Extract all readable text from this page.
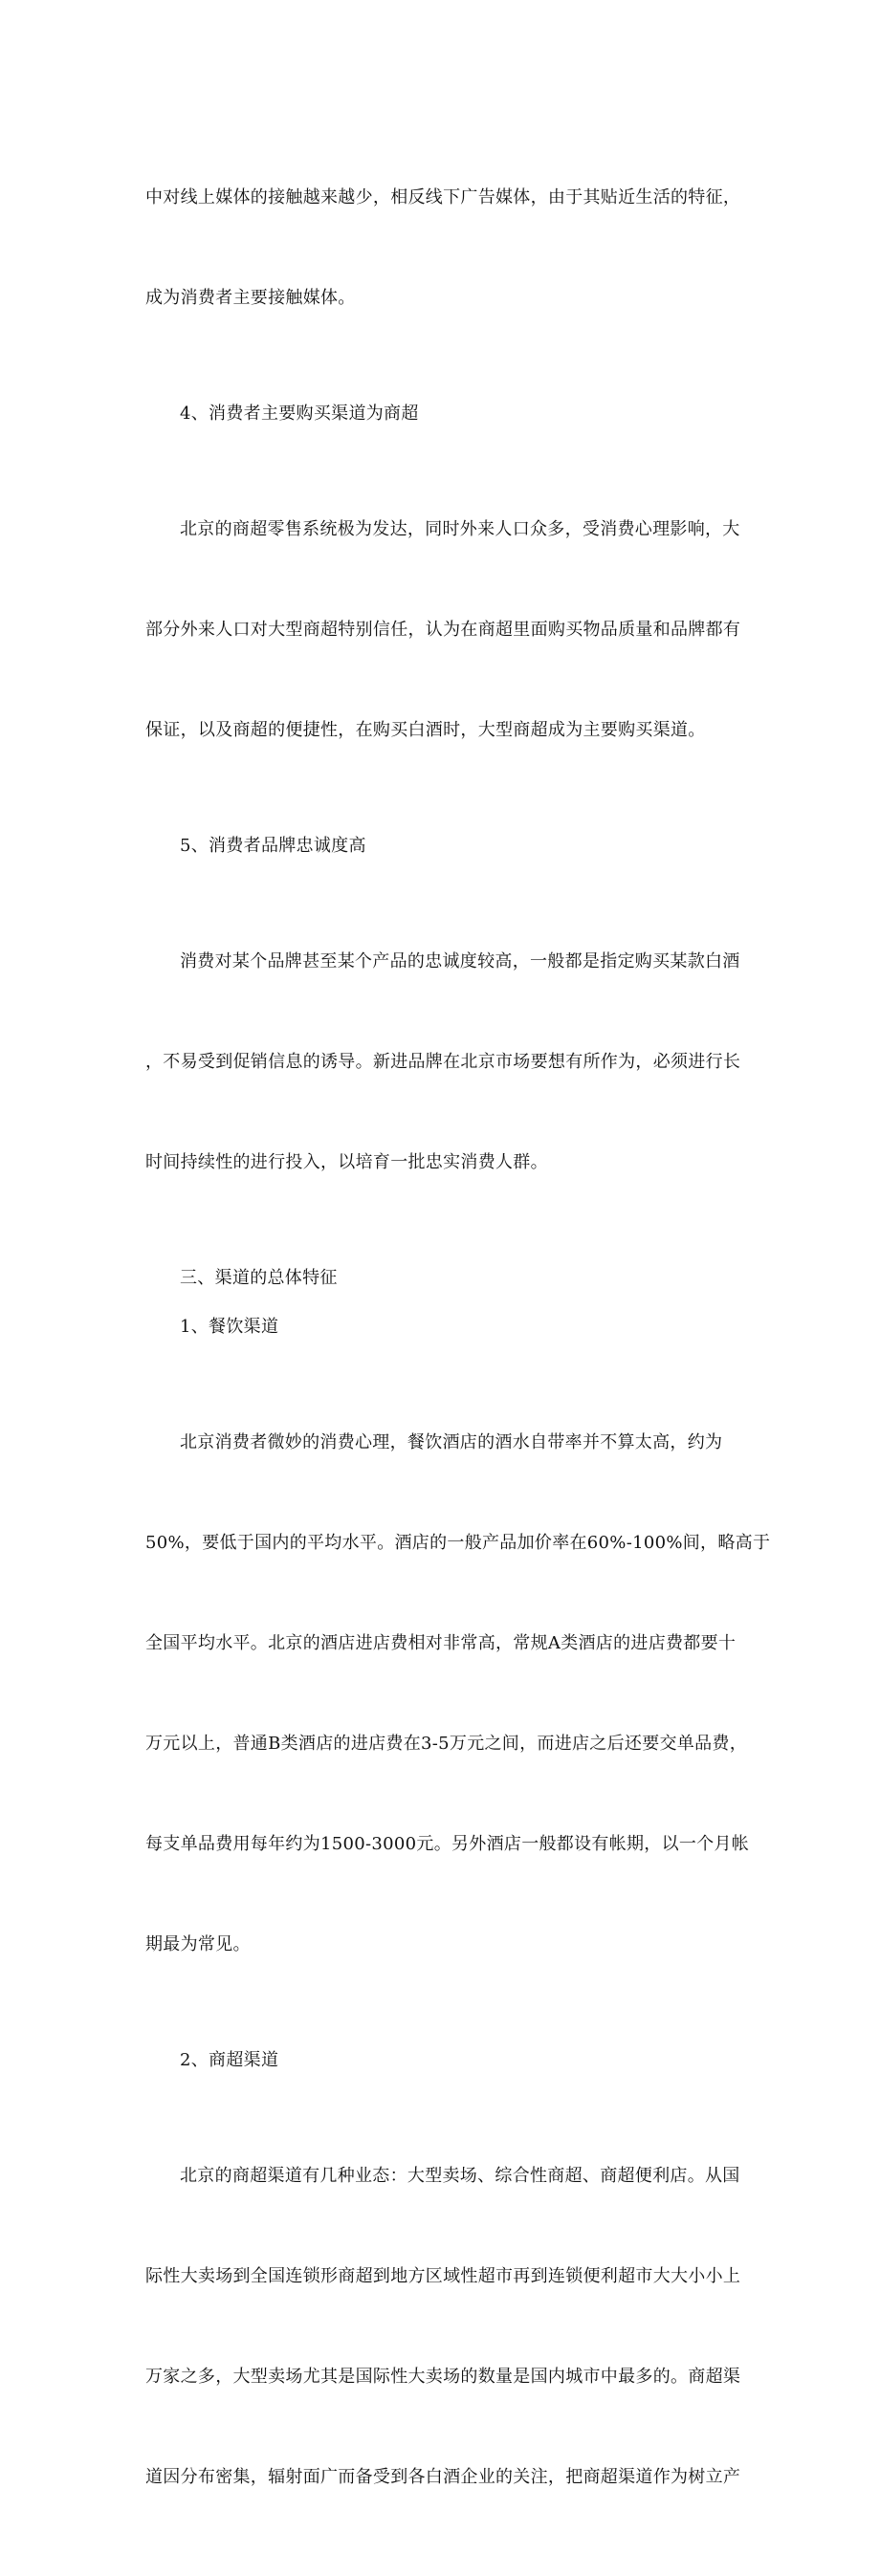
中对线上媒体的接触越来越少，相反线下广告媒体，由于其贴近生活的特征，

成为消费者主要接触媒体。

4、消费者主要购买渠道为商超

北京的商超零售系统极为发达，同时外来人口众多，受消费心理影响，大

部分外来人口对大型商超特别信任，认为在商超里面购买物品质量和品牌都有

保证，以及商超的便捷性，在购买白酒时，大型商超成为主要购买渠道。

5、消费者品牌忠诚度高

消费对某个品牌甚至某个产品的忠诚度较高，一般都是指定购买某款白酒

，不易受到促销信息的诱导。新进品牌在北京市场要想有所作为，必须进行长

时间持续性的进行投入，以培育一批忠实消费人群。

三、渠道的总体特征

1、餐饮渠道

北京消费者微妙的消费心理，餐饮酒店的酒水自带率并不算太高，约为

50%，要低于国内的平均水平。酒店的一般产品加价率在60%-100%间，略高于

全国平均水平。北京的酒店进店费相对非常高，常规A类酒店的进店费都要十

万元以上，普通B类酒店的进店费在3-5万元之间，而进店之后还要交单品费，

每支单品费用每年约为1500-3000元。另外酒店一般都设有帐期，以一个月帐

期最为常见。

2、商超渠道

北京的商超渠道有几种业态：大型卖场、综合性商超、商超便利店。从国

际性大卖场到全国连锁形商超到地方区域性超市再到连锁便利超市大大小小上

万家之多，大型卖场尤其是国际性大卖场的数量是国内城市中最多的。商超渠

道因分布密集，辐射面广而备受到各白酒企业的关注，把商超渠道作为树立产
